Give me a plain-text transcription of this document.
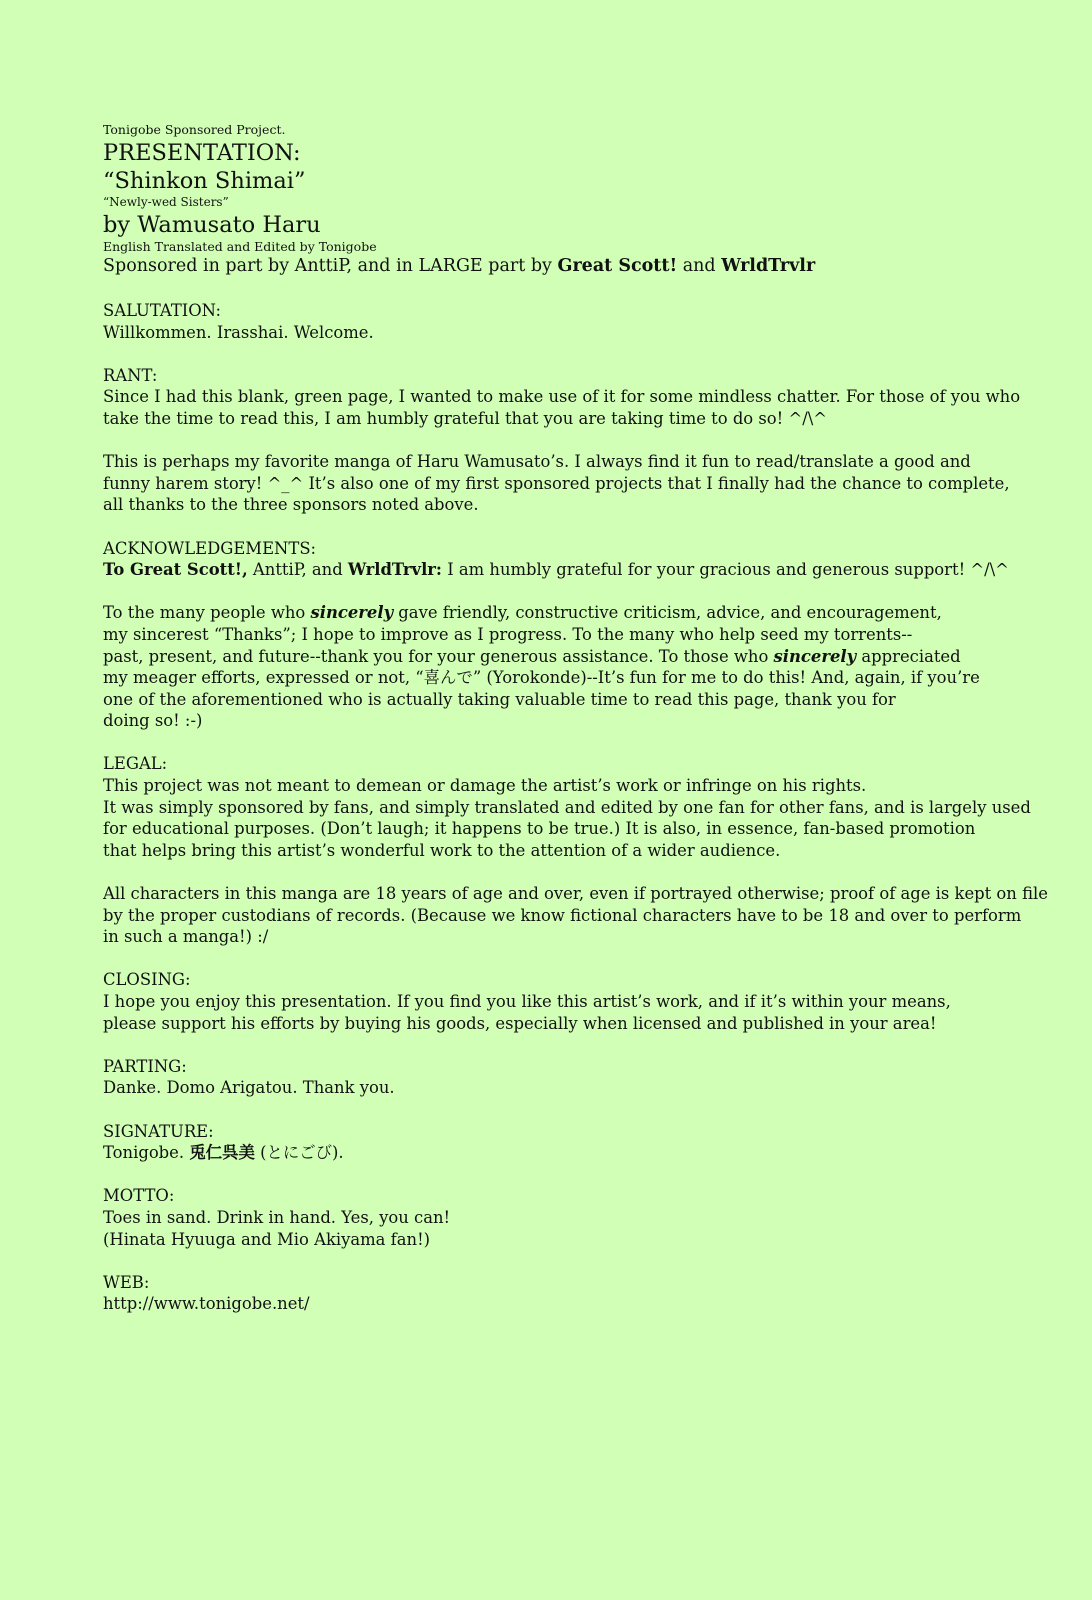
Tonigobe Sponsored Project.
PRESENTATION:
“Shinkon Shimai”
“Newly-wed Sisters”
by Wamusato Haru
English Translated and Edited by Tonigobe
Sponsored in part by AnttiP, and in LARGE part by Great Scott! and WrldTrvlr
SALUTATION:
Willkommen. Irasshai. Welcome.
RANT:
Since I had this blank, green page, I wanted to make use of it for some mindless chatter. For those of you who
take the time to read this, I am humbly grateful that you are taking time to do so! ^/\^
This is perhaps my favorite manga of Haru Wamusato’s. I always find it fun to read/translate a good and
funny harem story! ^_^ It’s also one of my first sponsored projects that I finally had the chance to complete,
all thanks to the three sponsors noted above.
ACKNOWLEDGEMENTS:
To Great Scott!, AnttiP, and WrldTrvlr: I am humbly grateful for your gracious and generous support! ^/\^
To the many people who sincerely gave friendly, constructive criticism, advice, and encouragement,
my sincerest “Thanks”; I hope to improve as I progress. To the many who help seed my torrents--
past, present, and future--thank you for your generous assistance. To those who sincerely appreciated
my meager efforts, expressed or not, “喜んで” (Yorokonde)--It’s fun for me to do this! And, again, if you’re
one of the aforementioned who is actually taking valuable time to read this page, thank you for
doing so! :-)
LEGAL:
This project was not meant to demean or damage the artist’s work or infringe on his rights.
It was simply sponsored by fans, and simply translated and edited by one fan for other fans, and is largely used
for educational purposes. (Don’t laugh; it happens to be true.) It is also, in essence, fan-based promotion
that helps bring this artist’s wonderful work to the attention of a wider audience.
All characters in this manga are 18 years of age and over, even if portrayed otherwise; proof of age is kept on file
by the proper custodians of records. (Because we know fictional characters have to be 18 and over to perform
in such a manga!) :/
CLOSING:
I hope you enjoy this presentation. If you find you like this artist’s work, and if it’s within your means,
please support his efforts by buying his goods, especially when licensed and published in your area!
PARTING:
Danke. Domo Arigatou. Thank you.
SIGNATURE:
Tonigobe. 兎仁呉美 (とにごび).
MOTTO:
Toes in sand. Drink in hand. Yes, you can!
(Hinata Hyuuga and Mio Akiyama fan!)
WEB:
http://www.tonigobe.net/
